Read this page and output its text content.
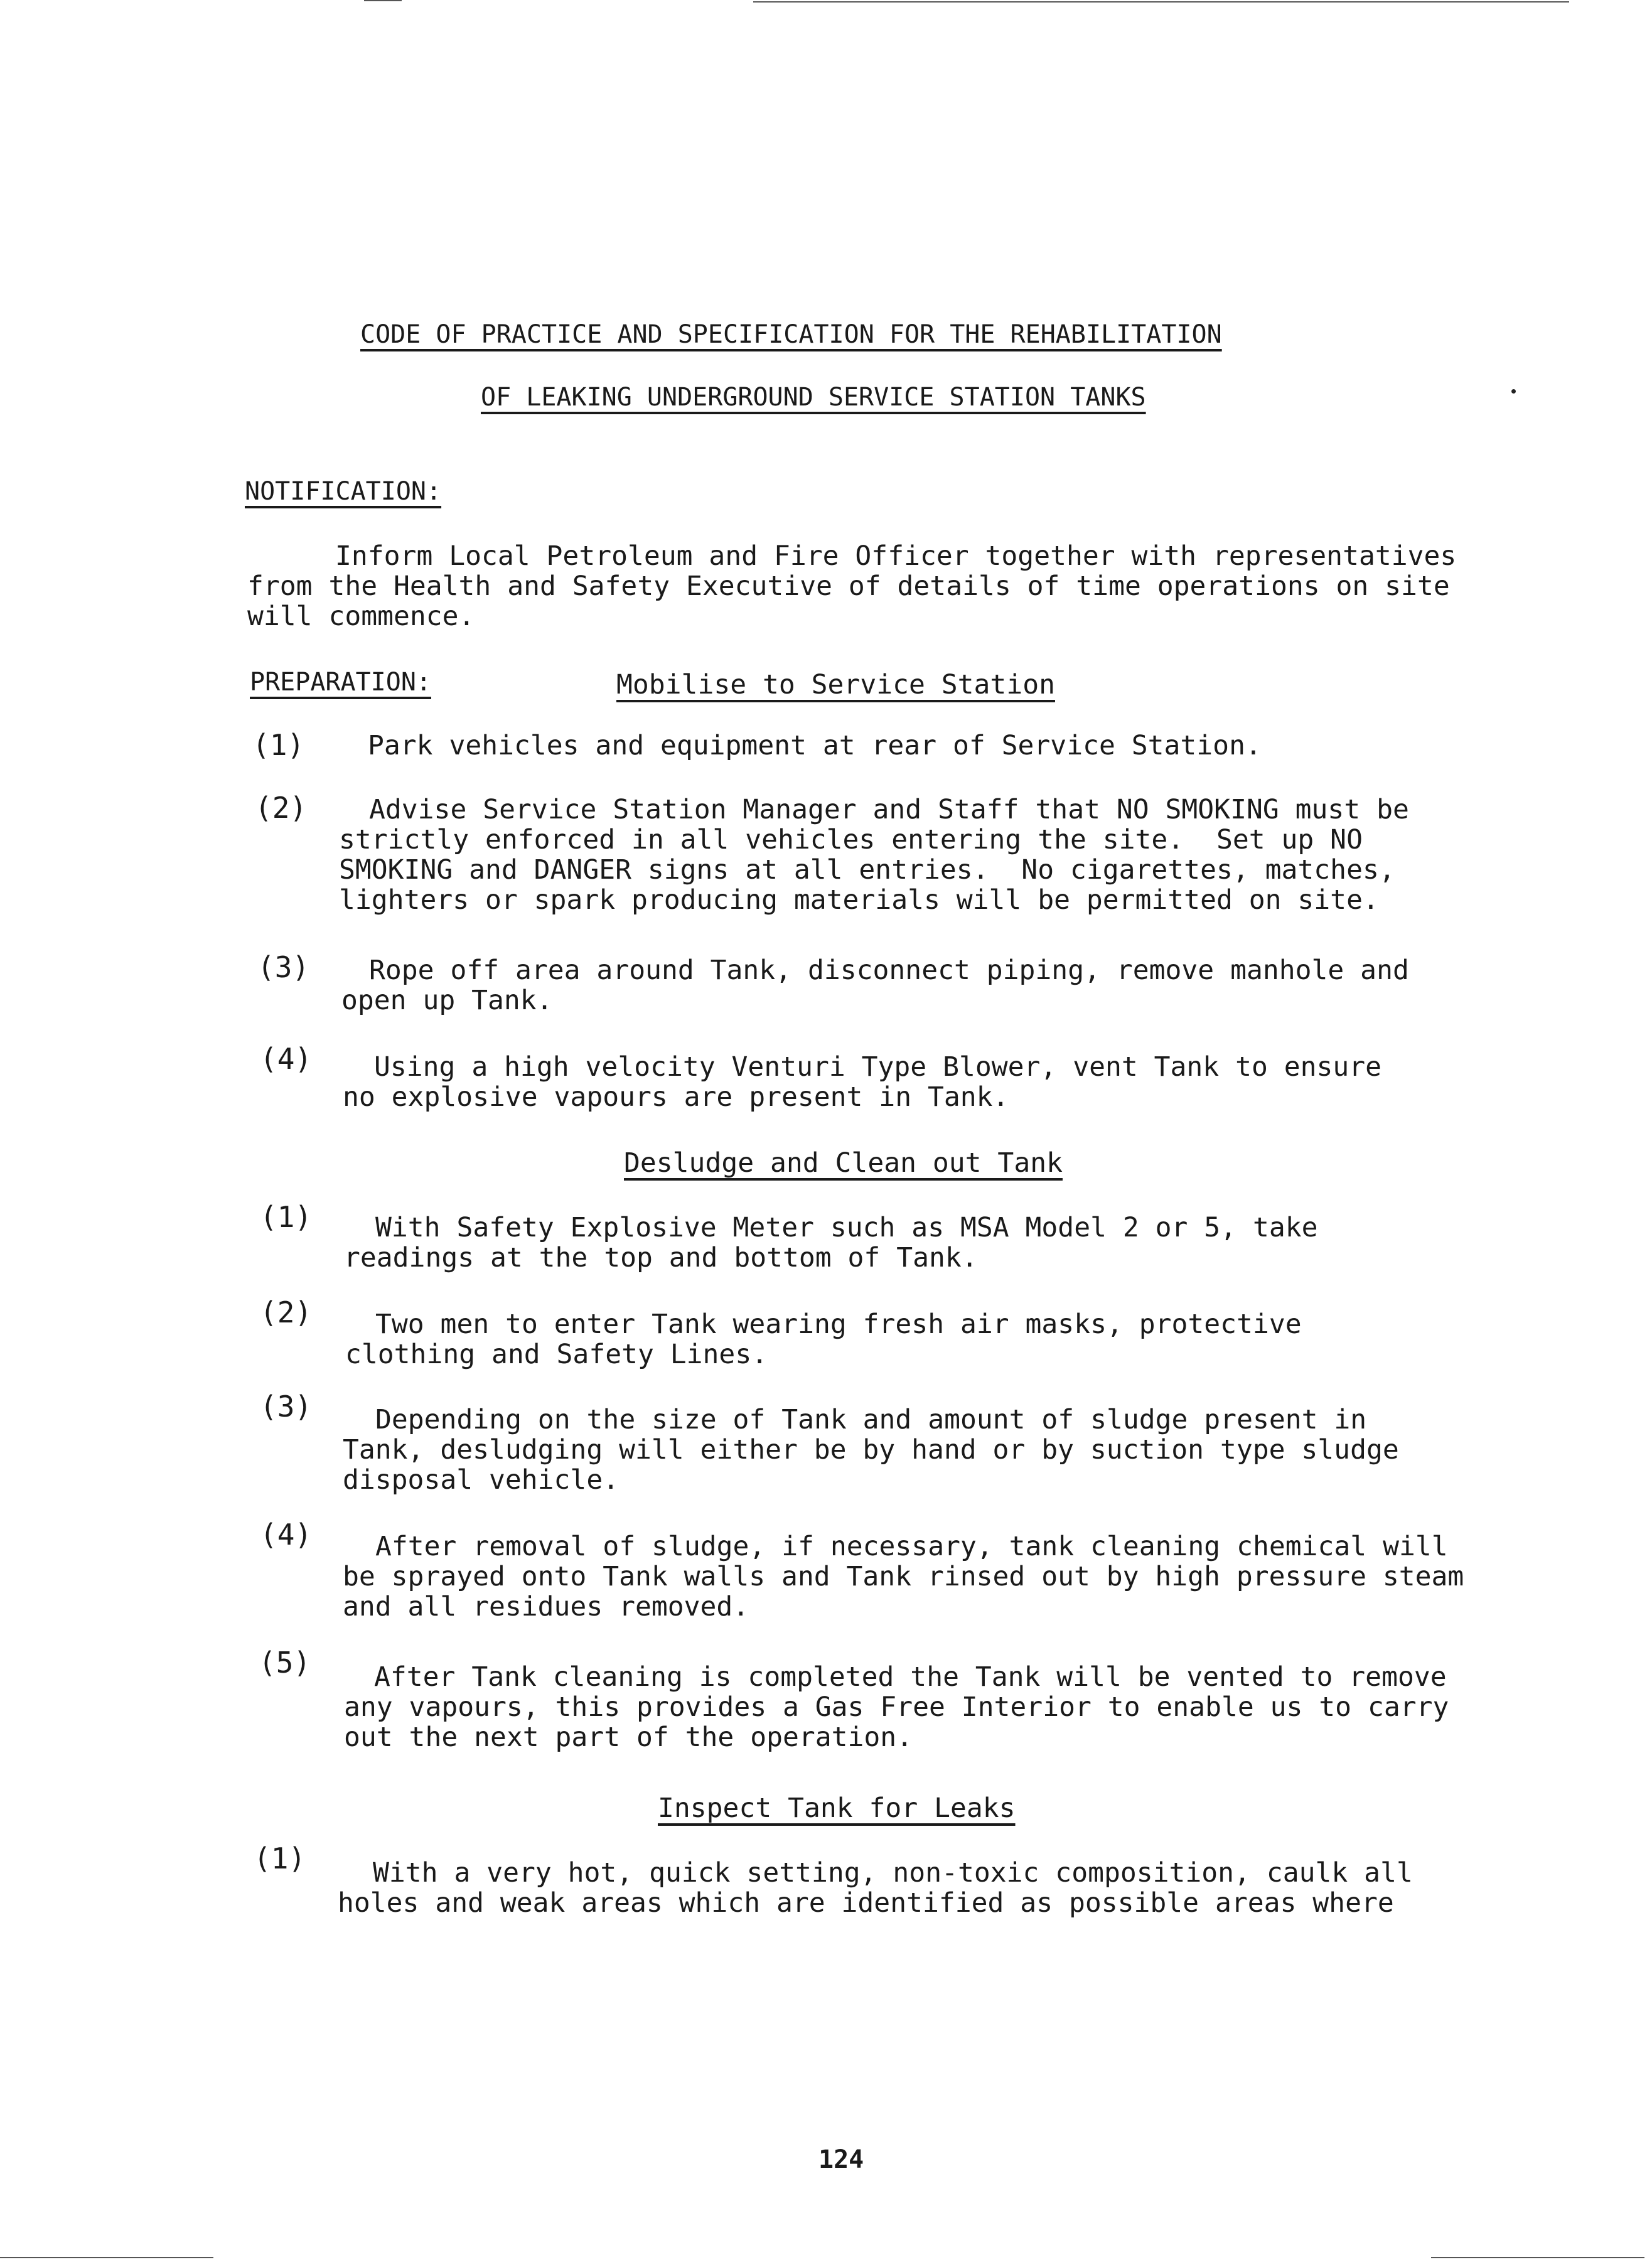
CODE OF PRACTICE AND SPECIFICATION FOR THE REHABILITATION
OF LEAKING UNDERGROUND SERVICE STATION TANKS
NOTIFICATION:
Inform Local Petroleum and Fire Officer together with representatives
from the Health and Safety Executive of details of time operations on site
will commence.
PREPARATION:	Mobilise to Service Station
(1) Park vehicles and equipment at rear of Service Station.
(2)	Advise Service Station Manager and Staff that NO SMOKING must be
strictly enforced in all vehicles entering the site.  Set up NO
SMOKING and DANGER signs at all entries.  No cigarettes, matches,
lighters or spark producing materials will be permitted on site.
(3)	Rope off area around Tank, disconnect piping, remove manhole and
open up Tank.
(4)	Using a high velocity Venturi Type Blower, vent Tank to ensure
no explosive vapours are present in Tank.
Desludge and Clean out Tank
(1)	With Safety Explosive Meter such as MSA Model 2 or 5, take
readings at the top and bottom of Tank.
(2)	Two men to enter Tank wearing fresh air masks, protective
clothing and Safety Lines.
(3)	Depending on the size of Tank and amount of sludge present in
Tank, desludging will either be by hand or by suction type sludge
disposal vehicle.
(4)	After removal of sludge, if necessary, tank cleaning chemical will
be sprayed onto Tank walls and Tank rinsed out by high pressure steam
and all residues removed.
(5)	After Tank cleaning is completed the Tank will be vented to remove
any vapours, this provides a Gas Free Interior to enable us to carry
out the next part of the operation.
Inspect Tank for Leaks
(1)	With a very hot, quick setting, non-toxic composition, caulk all
holes and weak areas which are identified as possible areas where
124
